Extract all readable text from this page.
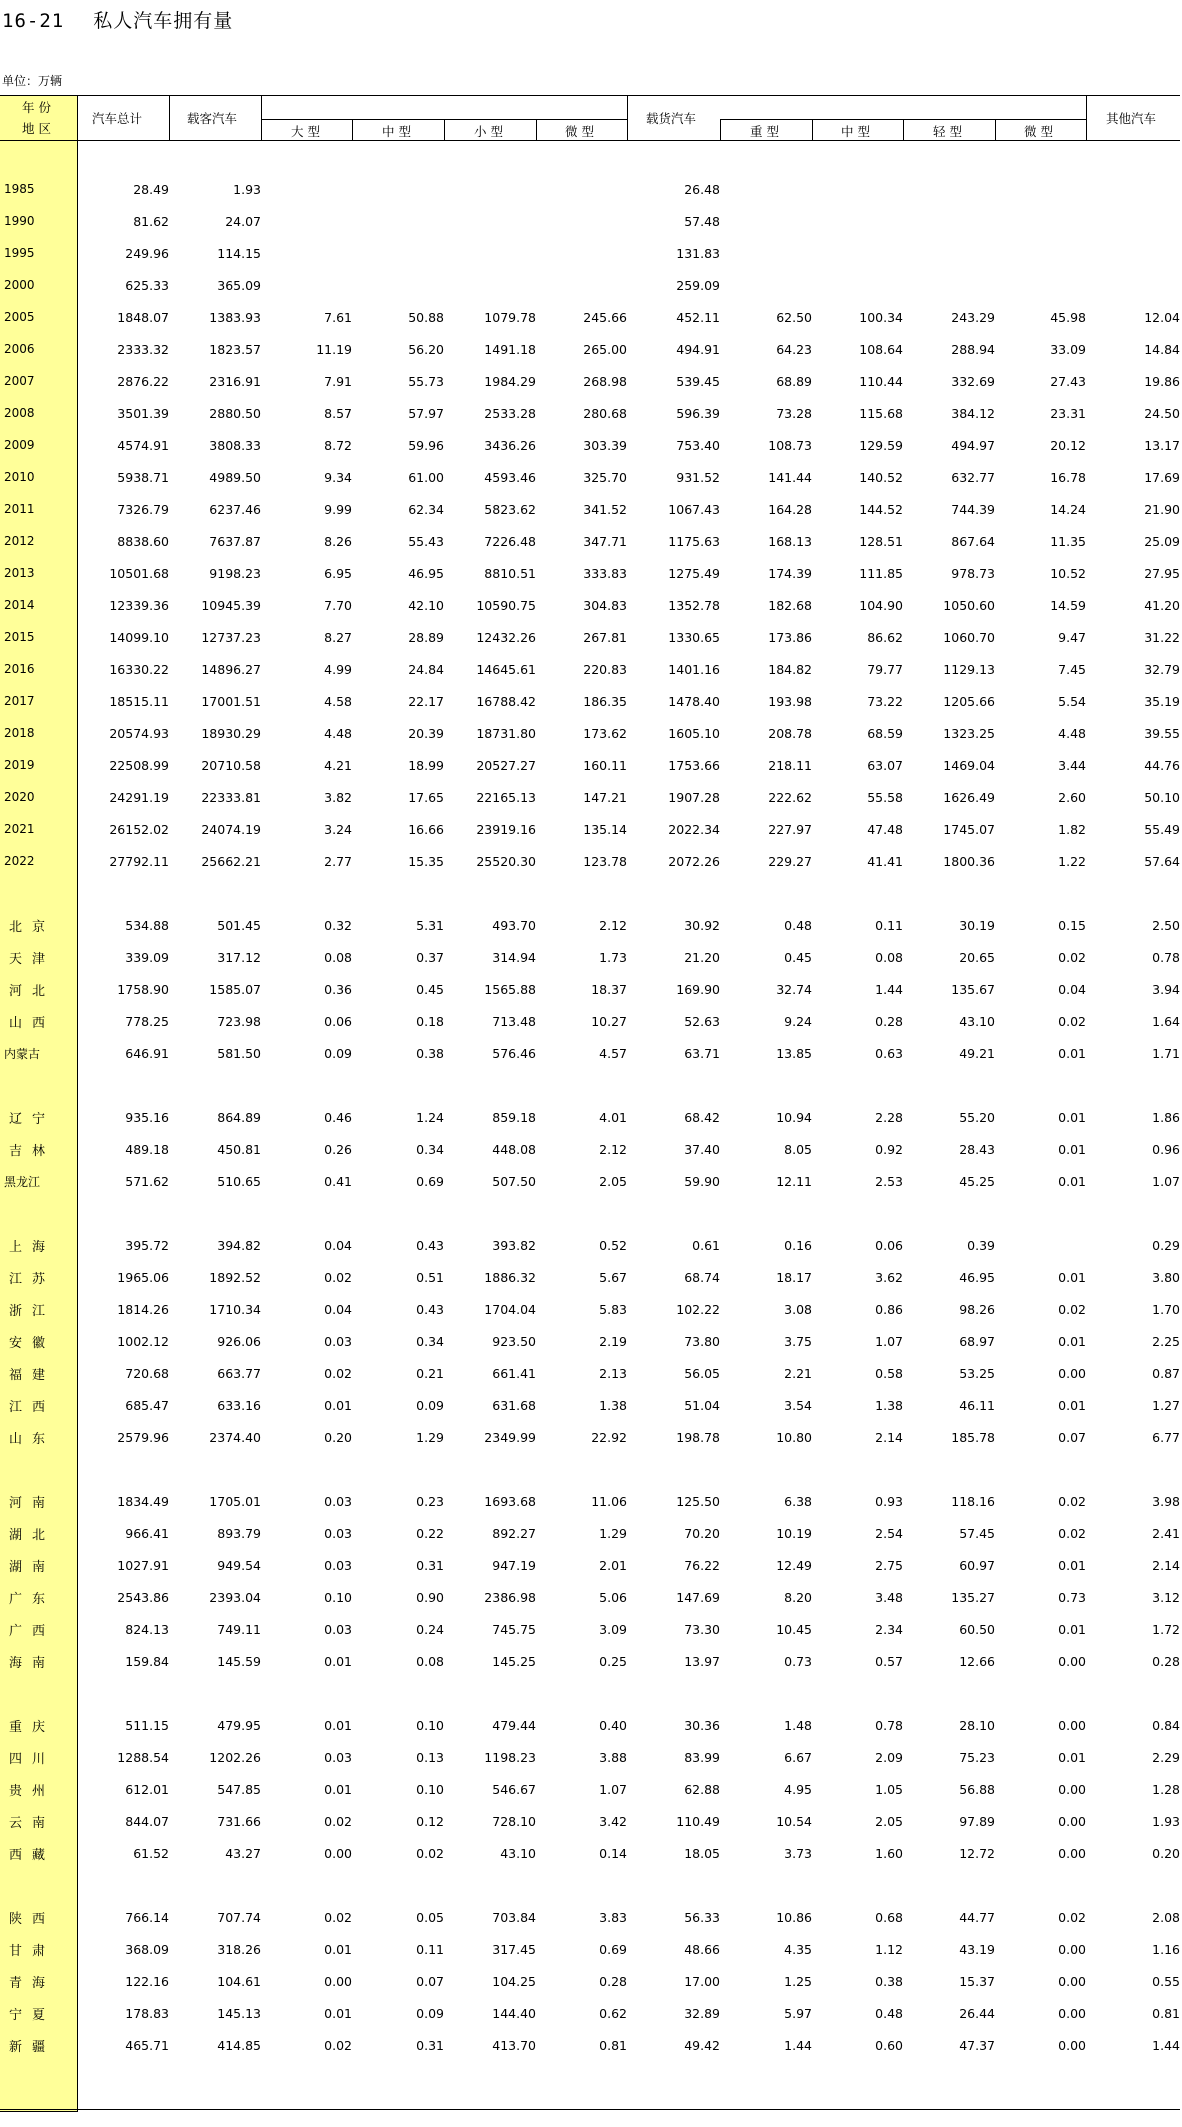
16-21 私人汽车拥有量
单位：万辆
年 份
地 区
汽车总计	载客汽车
大 型	中 型	小 型	微 型
载货汽车
重 型	中 型	轻 型	微 型
其他汽车
1985	28.49	1.93					26.48					
1990	81.62	24.07					57.48					
1995	249.96	114.15					131.83					
2000	625.33	365.09					259.09					
2005	1848.07	1383.93	7.61	50.88	1079.78	245.66	452.11	62.50	100.34	243.29	45.98	12.04
2006	2333.32	1823.57	11.19	56.20	1491.18	265.00	494.91	64.23	108.64	288.94	33.09	14.84
2007	2876.22	2316.91	7.91	55.73	1984.29	268.98	539.45	68.89	110.44	332.69	27.43	19.86
2008	3501.39	2880.50	8.57	57.97	2533.28	280.68	596.39	73.28	115.68	384.12	23.31	24.50
2009	4574.91	3808.33	8.72	59.96	3436.26	303.39	753.40	108.73	129.59	494.97	20.12	13.17
2010	5938.71	4989.50	9.34	61.00	4593.46	325.70	931.52	141.44	140.52	632.77	16.78	17.69
2011	7326.79	6237.46	9.99	62.34	5823.62	341.52	1067.43	164.28	144.52	744.39	14.24	21.90
2012	8838.60	7637.87	8.26	55.43	7226.48	347.71	1175.63	168.13	128.51	867.64	11.35	25.09
2013	10501.68	9198.23	6.95	46.95	8810.51	333.83	1275.49	174.39	111.85	978.73	10.52	27.95
2014	12339.36	10945.39	7.70	42.10	10590.75	304.83	1352.78	182.68	104.90	1050.60	14.59	41.20
2015	14099.10	12737.23	8.27	28.89	12432.26	267.81	1330.65	173.86	86.62	1060.70	9.47	31.22
2016	16330.22	14896.27	4.99	24.84	14645.61	220.83	1401.16	184.82	79.77	1129.13	7.45	32.79
2017	18515.11	17001.51	4.58	22.17	16788.42	186.35	1478.40	193.98	73.22	1205.66	5.54	35.19
2018	20574.93	18930.29	4.48	20.39	18731.80	173.62	1605.10	208.78	68.59	1323.25	4.48	39.55
2019	22508.99	20710.58	4.21	18.99	20527.27	160.11	1753.66	218.11	63.07	1469.04	3.44	44.76
2020	24291.19	22333.81	3.82	17.65	22165.13	147.21	1907.28	222.62	55.58	1626.49	2.60	50.10
2021	26152.02	24074.19	3.24	16.66	23919.16	135.14	2022.34	227.97	47.48	1745.07	1.82	55.49
2022	27792.11	25662.21	2.77	15.35	25520.30	123.78	2072.26	229.27	41.41	1800.36	1.22	57.64

北京	534.88	501.45	0.32	5.31	493.70	2.12	30.92	0.48	0.11	30.19	0.15	2.50
天津	339.09	317.12	0.08	0.37	314.94	1.73	21.20	0.45	0.08	20.65	0.02	0.78
河北	1758.90	1585.07	0.36	0.45	1565.88	18.37	169.90	32.74	1.44	135.67	0.04	3.94
山西	778.25	723.98	0.06	0.18	713.48	10.27	52.63	9.24	0.28	43.10	0.02	1.64
内蒙古	646.91	581.50	0.09	0.38	576.46	4.57	63.71	13.85	0.63	49.21	0.01	1.71

辽宁	935.16	864.89	0.46	1.24	859.18	4.01	68.42	10.94	2.28	55.20	0.01	1.86
吉林	489.18	450.81	0.26	0.34	448.08	2.12	37.40	8.05	0.92	28.43	0.01	0.96
黑龙江	571.62	510.65	0.41	0.69	507.50	2.05	59.90	12.11	2.53	45.25	0.01	1.07

上海	395.72	394.82	0.04	0.43	393.82	0.52	0.61	0.16	0.06	0.39		0.29
江苏	1965.06	1892.52	0.02	0.51	1886.32	5.67	68.74	18.17	3.62	46.95	0.01	3.80
浙江	1814.26	1710.34	0.04	0.43	1704.04	5.83	102.22	3.08	0.86	98.26	0.02	1.70
安徽	1002.12	926.06	0.03	0.34	923.50	2.19	73.80	3.75	1.07	68.97	0.01	2.25
福建	720.68	663.77	0.02	0.21	661.41	2.13	56.05	2.21	0.58	53.25	0.00	0.87
江西	685.47	633.16	0.01	0.09	631.68	1.38	51.04	3.54	1.38	46.11	0.01	1.27
山东	2579.96	2374.40	0.20	1.29	2349.99	22.92	198.78	10.80	2.14	185.78	0.07	6.77

河南	1834.49	1705.01	0.03	0.23	1693.68	11.06	125.50	6.38	0.93	118.16	0.02	3.98
湖北	966.41	893.79	0.03	0.22	892.27	1.29	70.20	10.19	2.54	57.45	0.02	2.41
湖南	1027.91	949.54	0.03	0.31	947.19	2.01	76.22	12.49	2.75	60.97	0.01	2.14
广东	2543.86	2393.04	0.10	0.90	2386.98	5.06	147.69	8.20	3.48	135.27	0.73	3.12
广西	824.13	749.11	0.03	0.24	745.75	3.09	73.30	10.45	2.34	60.50	0.01	1.72
海南	159.84	145.59	0.01	0.08	145.25	0.25	13.97	0.73	0.57	12.66	0.00	0.28

重庆	511.15	479.95	0.01	0.10	479.44	0.40	30.36	1.48	0.78	28.10	0.00	0.84
四川	1288.54	1202.26	0.03	0.13	1198.23	3.88	83.99	6.67	2.09	75.23	0.01	2.29
贵州	612.01	547.85	0.01	0.10	546.67	1.07	62.88	4.95	1.05	56.88	0.00	1.28
云南	844.07	731.66	0.02	0.12	728.10	3.42	110.49	10.54	2.05	97.89	0.00	1.93
西藏	61.52	43.27	0.00	0.02	43.10	0.14	18.05	3.73	1.60	12.72	0.00	0.20

陕西	766.14	707.74	0.02	0.05	703.84	3.83	56.33	10.86	0.68	44.77	0.02	2.08
甘肃	368.09	318.26	0.01	0.11	317.45	0.69	48.66	4.35	1.12	43.19	0.00	1.16
青海	122.16	104.61	0.00	0.07	104.25	0.28	17.00	1.25	0.38	15.37	0.00	0.55
宁夏	178.83	145.13	0.01	0.09	144.40	0.62	32.89	5.97	0.48	26.44	0.00	0.81
新疆	465.71	414.85	0.02	0.31	413.70	0.81	49.42	1.44	0.60	47.37	0.00	1.44
